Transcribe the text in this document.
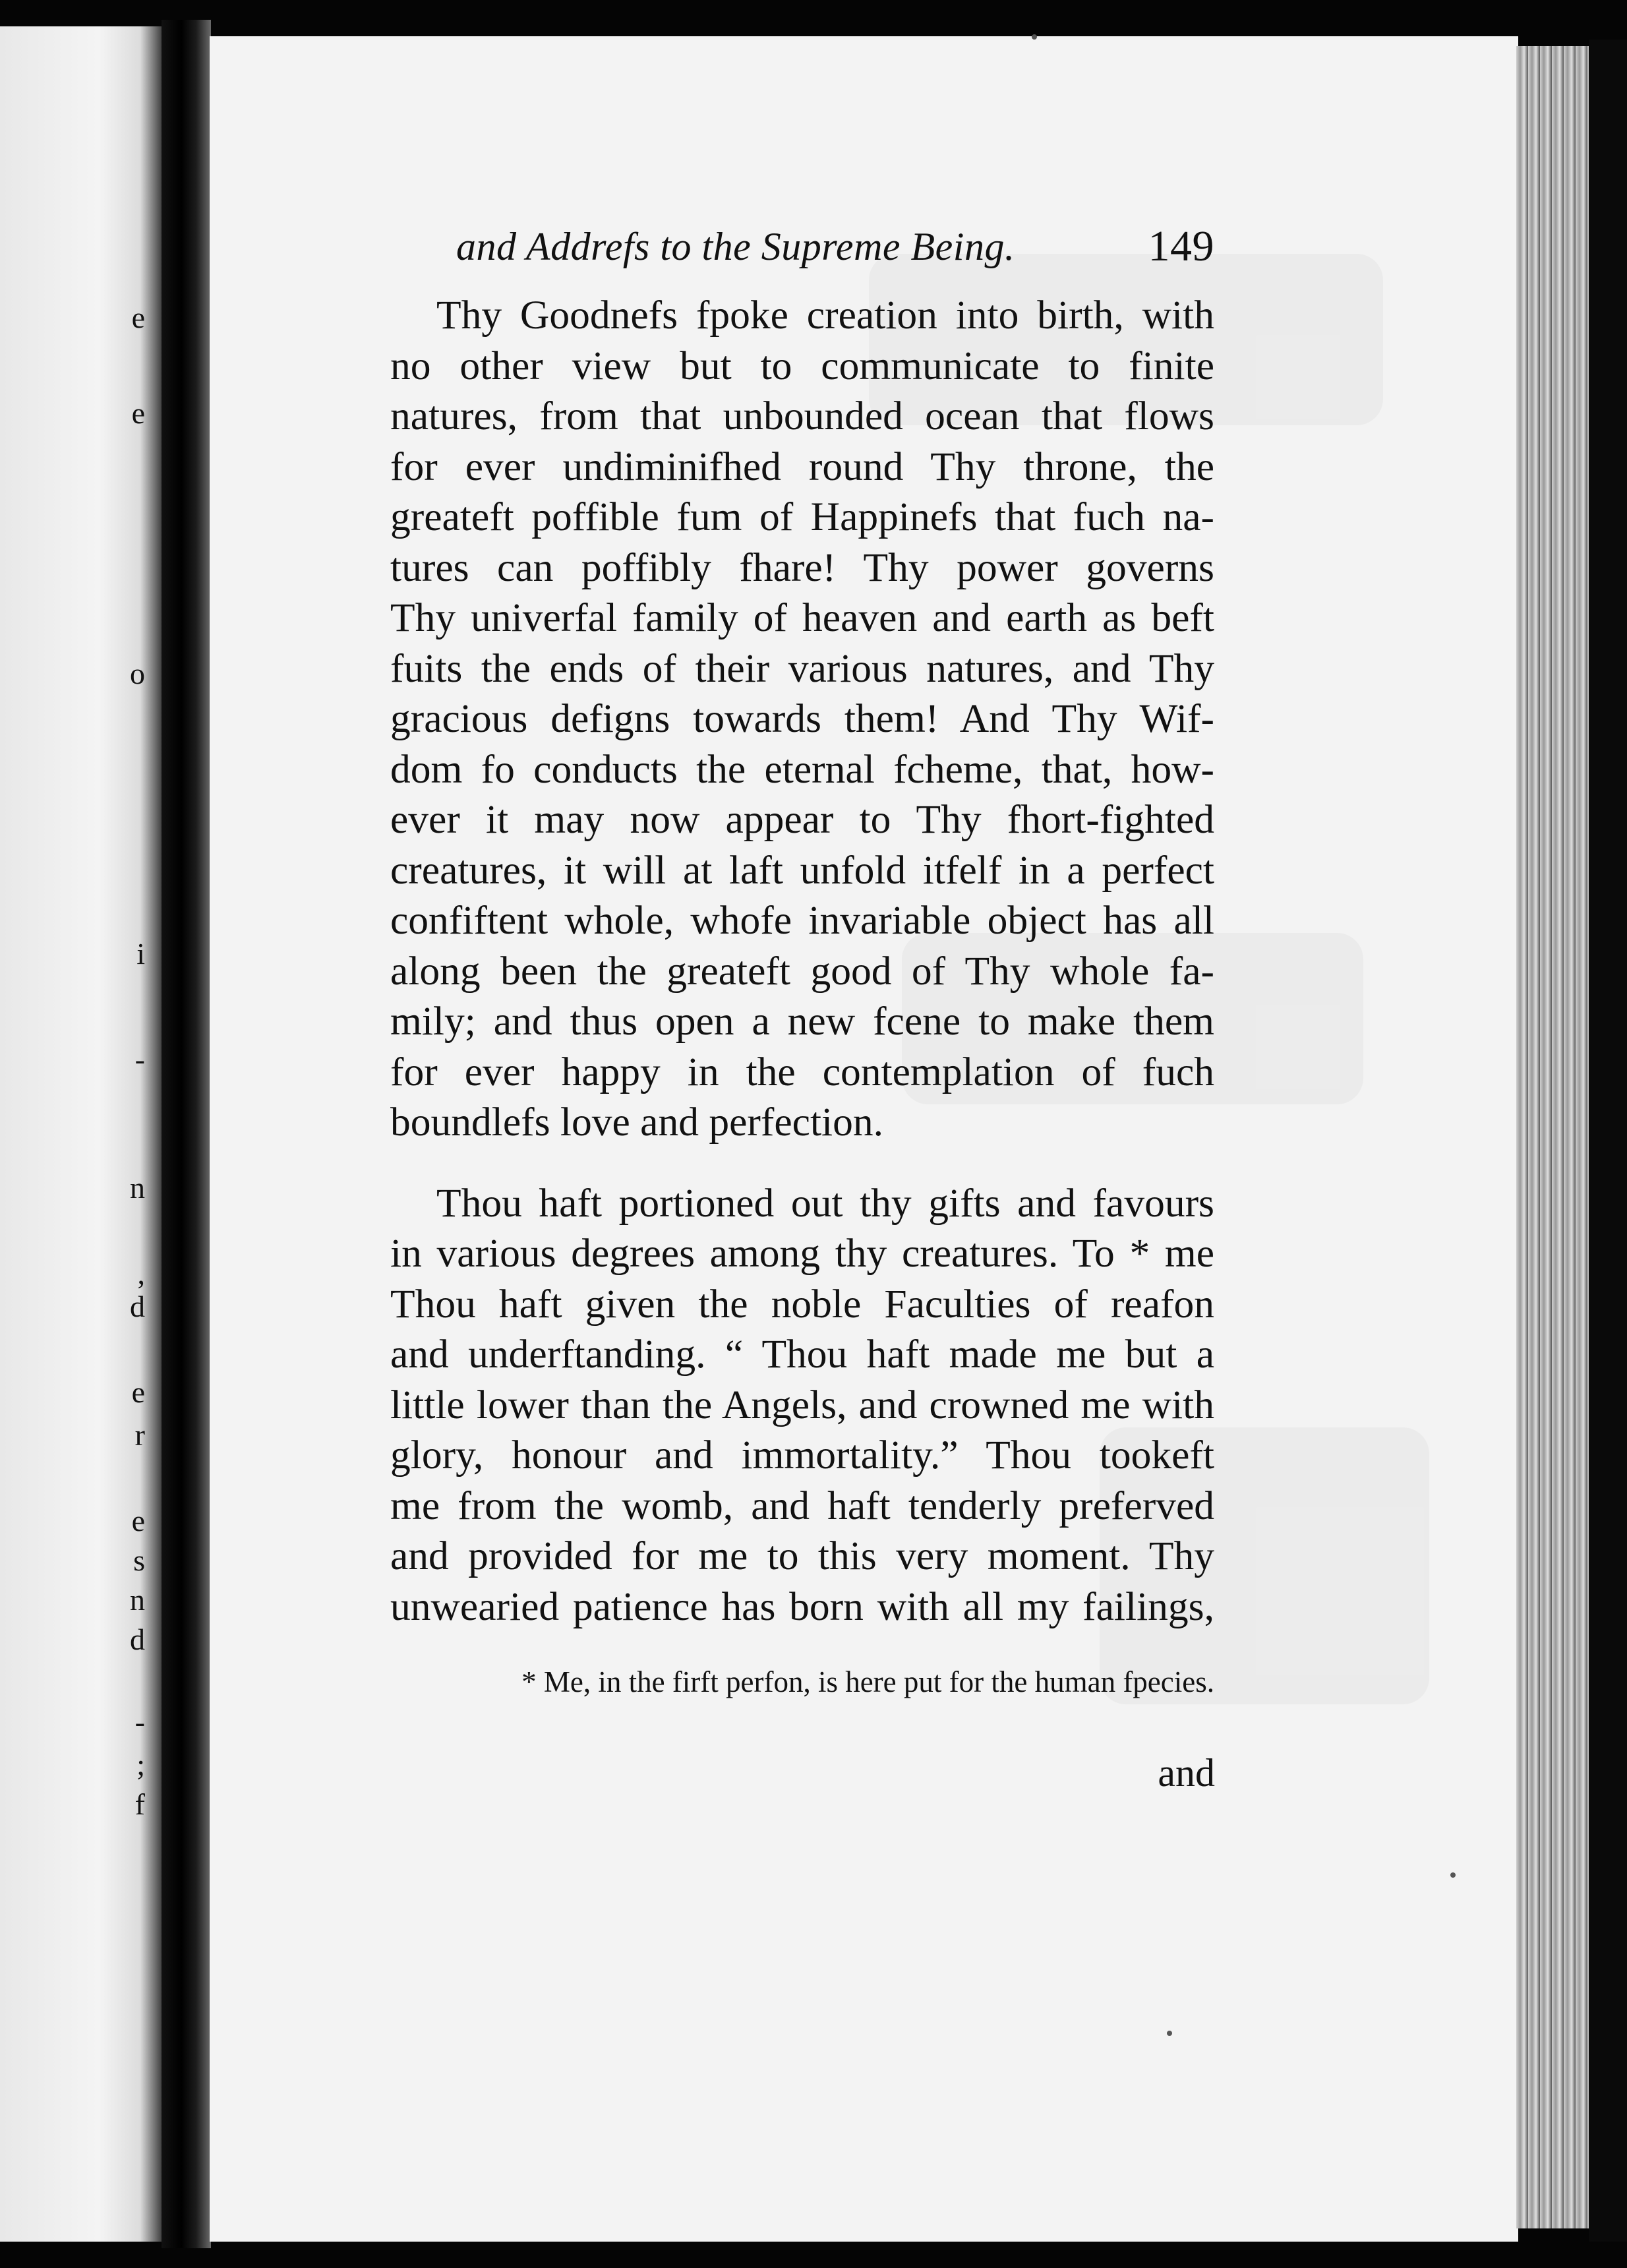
e
e
o
i
-
n
,
d
e
r
e
s
n
d
-
;
f
and Addrefs to the Supreme Being.	149

Thy Goodnefs fpoke creation into birth, with
no other view but to communicate to finite
natures, from that unbounded ocean that flows
for ever undiminifhed round Thy throne, the
greateft poffible fum of Happinefs that fuch na-
tures can poffibly fhare! Thy power governs
Thy univerfal family of heaven and earth as beft
fuits the ends of their various natures, and Thy
gracious defigns towards them! And Thy Wif-
dom fo conducts the eternal fcheme, that, how-
ever it may now appear to Thy fhort-fighted
creatures, it will at laft unfold itfelf in a perfect
confiftent whole, whofe invariable object has all
along been the greateft good of Thy whole fa-
mily; and thus open a new fcene to make them
for ever happy in the contemplation of fuch
boundlefs love and perfection.

Thou haft portioned out thy gifts and favours
in various degrees among thy creatures. To * me
Thou haft given the noble Faculties of reafon
and underftanding. “ Thou haft made me but a
little lower than the Angels, and crowned me with
glory, honour and immortality.” Thou tookeft
me from the womb, and haft tenderly preferved
and provided for me to this very moment. Thy
unwearied patience has born with all my failings,

* Me, in the firft perfon, is here put for the human fpecies.
and
